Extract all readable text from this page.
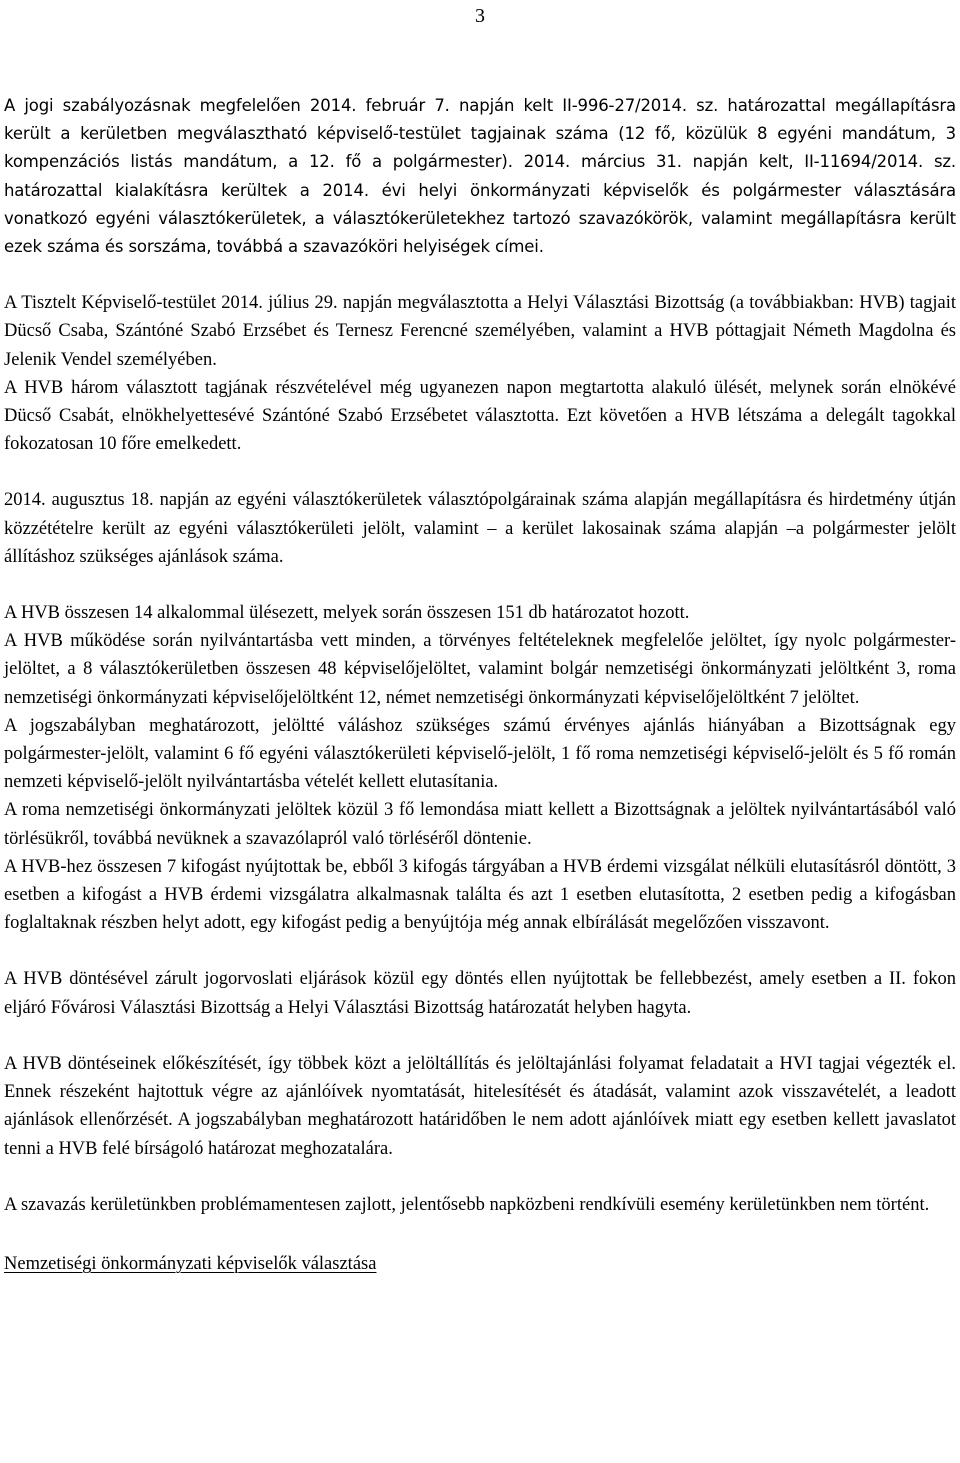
3

A jogi szabályozásnak megfelelően 2014. február 7. napján kelt II-996-27/2014. sz. határozattal megállapításra került a kerületben megválasztható képviselő-testület tagjainak száma (12 fő, közülük 8 egyéni mandátum, 3 kompenzációs listás mandátum, a 12. fő a polgármester). 2014. március 31. napján kelt, II-11694/2014. sz. határozattal kialakításra kerültek a 2014. évi helyi önkormányzati képviselők és polgármester választására vonatkozó egyéni választókerületek, a választókerületekhez tartozó szavazókörök, valamint megállapításra került ezek száma és sorszáma, továbbá a szavazóköri helyiségek címei.

A Tisztelt Képviselő-testület 2014. július 29. napján megválasztotta a Helyi Választási Bizottság (a továbbiakban: HVB) tagjait Dücső Csaba, Szántóné Szabó Erzsébet és Ternesz Ferencné személyében, valamint a HVB póttagjait Németh Magdolna és Jelenik Vendel személyében.

A HVB három választott tagjának részvételével még ugyanezen napon megtartotta alakuló ülését, melynek során elnökévé Dücső Csabát, elnökhelyettesévé Szántóné Szabó Erzsébetet választotta. Ezt követően a HVB létszáma a delegált tagokkal fokozatosan 10 főre emelkedett.

2014. augusztus 18. napján az egyéni választókerületek választópolgárainak száma alapján megállapításra és hirdetmény útján közzétételre került az egyéni választókerületi jelölt, valamint – a kerület lakosainak száma alapján –a polgármester jelölt állításhoz szükséges ajánlások száma.

A HVB összesen 14 alkalommal ülésezett, melyek során összesen 151 db határozatot hozott.

A HVB működése során nyilvántartásba vett minden, a törvényes feltételeknek megfelelőe jelöltet, így nyolc polgármester-jelöltet, a 8 választókerületben összesen 48 képviselőjelöltet, valamint bolgár nemzetiségi önkormányzati jelöltként 3, roma nemzetiségi önkormányzati képviselőjelöltként 12, német nemzetiségi önkormányzati képviselőjelöltként 7 jelöltet.

A jogszabályban meghatározott, jelöltté váláshoz szükséges számú érvényes ajánlás hiányában a Bizottságnak egy polgármester-jelölt, valamint 6 fő egyéni választókerületi képviselő-jelölt, 1 fő roma nemzetiségi képviselő-jelölt és 5 fő román nemzeti képviselő-jelölt nyilvántartásba vételét kellett elutasítania.

A roma nemzetiségi önkormányzati jelöltek közül 3 fő lemondása miatt kellett a Bizottságnak a jelöltek nyilvántartásából való törlésükről, továbbá nevüknek a szavazólapról való törléséről döntenie.

A HVB-hez összesen 7 kifogást nyújtottak be, ebből 3 kifogás tárgyában a HVB érdemi vizsgálat nélküli elutasításról döntött, 3 esetben a kifogást a HVB érdemi vizsgálatra alkalmasnak találta és azt 1 esetben elutasította, 2 esetben pedig a kifogásban foglaltaknak részben helyt adott, egy kifogást pedig a benyújtója még annak elbírálását megelőzően visszavont.

A HVB döntésével zárult jogorvoslati eljárások közül egy döntés ellen nyújtottak be fellebbezést, amely esetben a II. fokon eljáró Fővárosi Választási Bizottság a Helyi Választási Bizottság határozatát helyben hagyta.

A HVB döntéseinek előkészítését, így többek közt a jelöltállítás és jelöltajánlási folyamat feladatait a HVI tagjai végezték el. Ennek részeként hajtottuk végre az ajánlóívek nyomtatását, hitelesítését és átadását, valamint azok visszavételét, a leadott ajánlások ellenőrzését. A jogszabályban meghatározott határidőben le nem adott ajánlóívek miatt egy esetben kellett javaslatot tenni a HVB felé bírságoló határozat meghozatalára.

A szavazás kerületünkben problémamentesen zajlott, jelentősebb napközbeni rendkívüli esemény kerületünkben nem történt.

Nemzetiségi önkormányzati képviselők választása
